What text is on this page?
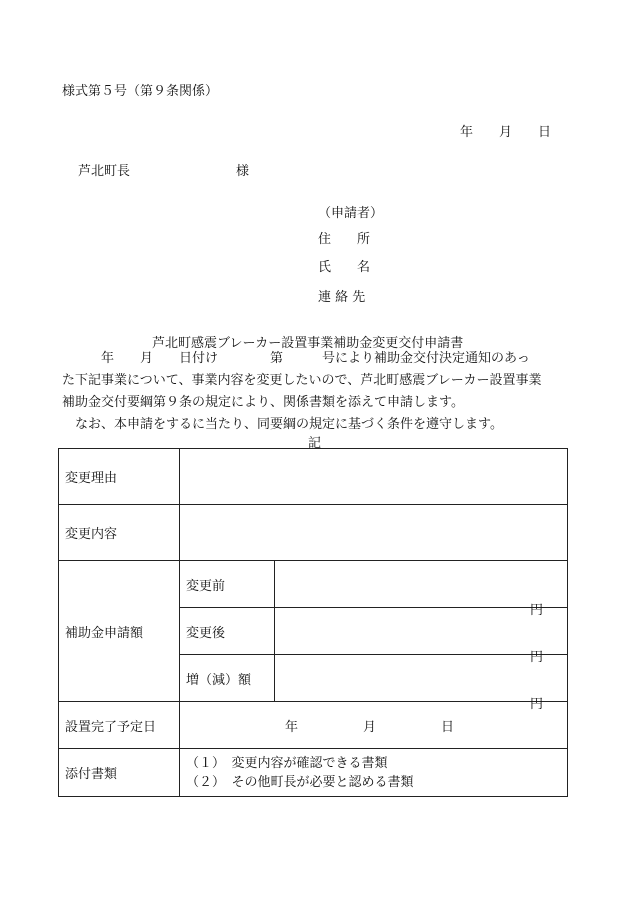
様式第５号（第９条関係）
年　　月　　日
芦北町長	様
（申請者）
住　　所
氏　　名
連 絡 先
芦北町感震ブレーカー設置事業補助金変更交付申請書
　　　年　　月　　日付け　　　　第　　　号により補助金交付決定通知のあっ
た下記事業について、事業内容を変更したいので、芦北町感震ブレーカー設置事業
補助金交付要綱第９条の規定により、関係書類を添えて申請します。
　なお、本申請をするに当たり、同要綱の規定に基づく条件を遵守します。
記
変更理由		
変更内容		
補助金申請額	変更前	円

	変更後	円

	増（減）額	円

設置完了予定日	年　　　　　月　　　　　日	
添付書類	（１）　変更内容が確認できる書類
（２）　その他町長が必要と認める書類	
